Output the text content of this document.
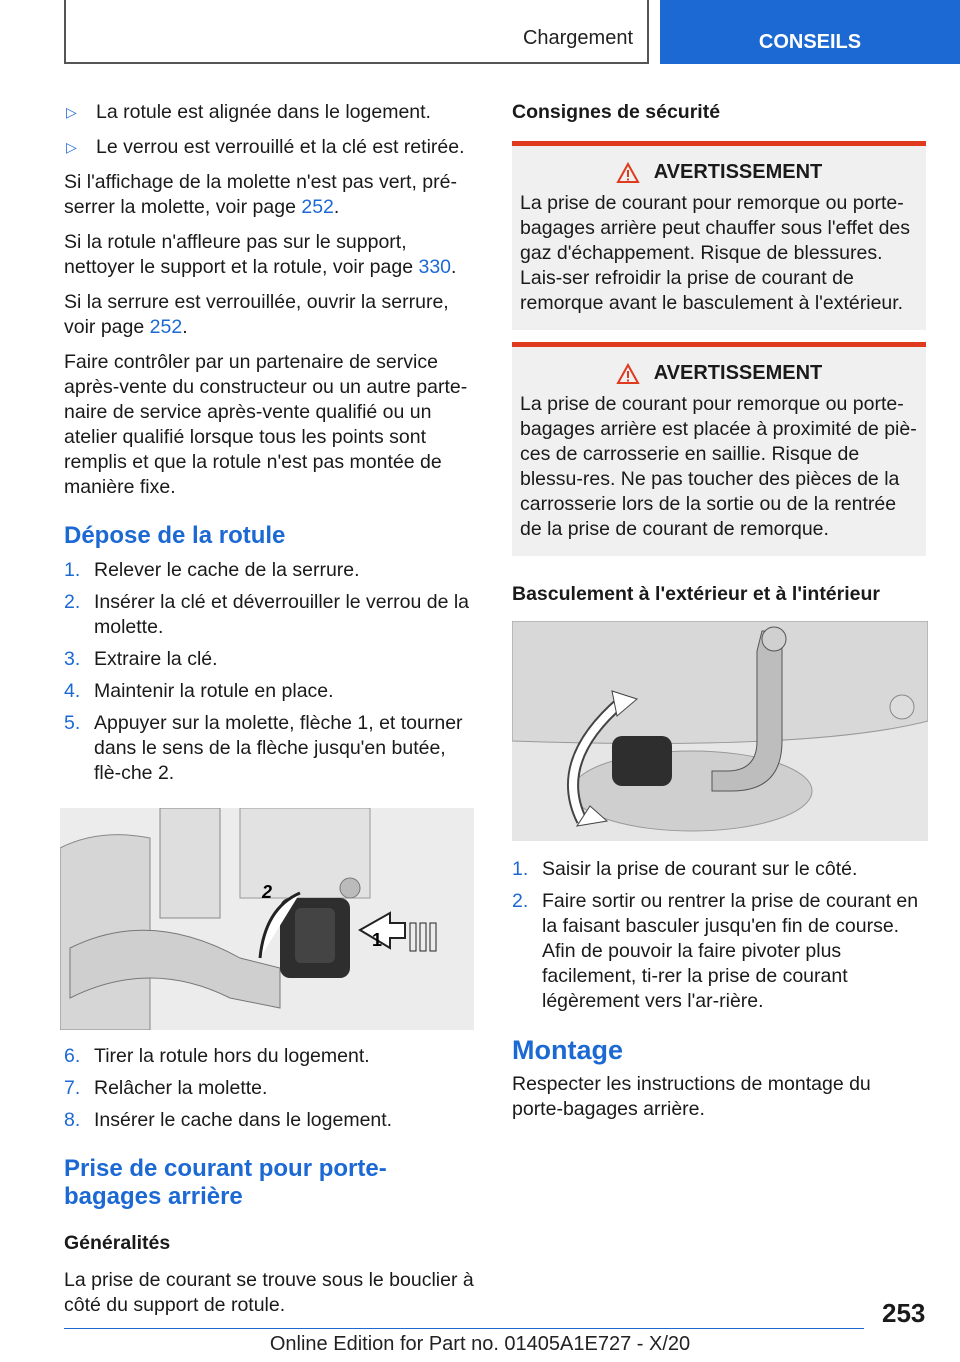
Chargement	CONSEILS
▷ La rotule est alignée dans le logement.
▷ Le verrou est verrouillé et la clé est retirée.

Si l'affichage de la molette n'est pas vert, pré‐serrer la molette, voir page 252.

Si la rotule n'affleure pas sur le support, nettoyer le support et la rotule, voir page 330.

Si la serrure est verrouillée, ouvrir la serrure, voir page 252.

Faire contrôler par un partenaire de service après-vente du constructeur ou un autre parte‐naire de service après-vente qualifié ou un atelier qualifié lorsque tous les points sont remplis et que la rotule n'est pas montée de manière fixe.

Dépose de la rotule
1. Relever le cache de la serrure.
2. Insérer la clé et déverrouiller le verrou de la molette.
3. Extraire la clé.
4. Maintenir la rotule en place.
5. Appuyer sur la molette, flèche 1, et tourner dans le sens de la flèche jusqu'en butée, flè‐che 2.
1
2
6. Tirer la rotule hors du logement.
7. Relâcher la molette.
8. Insérer le cache dans le logement.
Prise de courant pour porte-bagages arrière
Généralités

La prise de courant se trouve sous le bouclier à côté du support de rotule.

Consignes de sécurité
AVERTISSEMENT
La prise de courant pour remorque ou porte-bagages arrière peut chauffer sous l'effet des gaz d'échappement. Risque de blessures. Lais‐ser refroidir la prise de courant de remorque avant le basculement à l'extérieur.
AVERTISSEMENT
La prise de courant pour remorque ou porte-bagages arrière est placée à proximité de piè‐ces de carrosserie en saillie. Risque de blessu‐res. Ne pas toucher des pièces de la carrosserie lors de la sortie ou de la rentrée de la prise de courant de remorque.
Basculement à l'extérieur et à l'intérieur
1. Saisir la prise de courant sur le côté.
2. Faire sortir ou rentrer la prise de courant en la faisant basculer jusqu'en fin de course. Afin de pouvoir la faire pivoter plus facilement, ti‐rer la prise de courant légèrement vers l'ar‐rière.
Montage

Respecter les instructions de montage du porte-bagages arrière.

253
Online Edition for Part no. 01405A1E727 - X/20
